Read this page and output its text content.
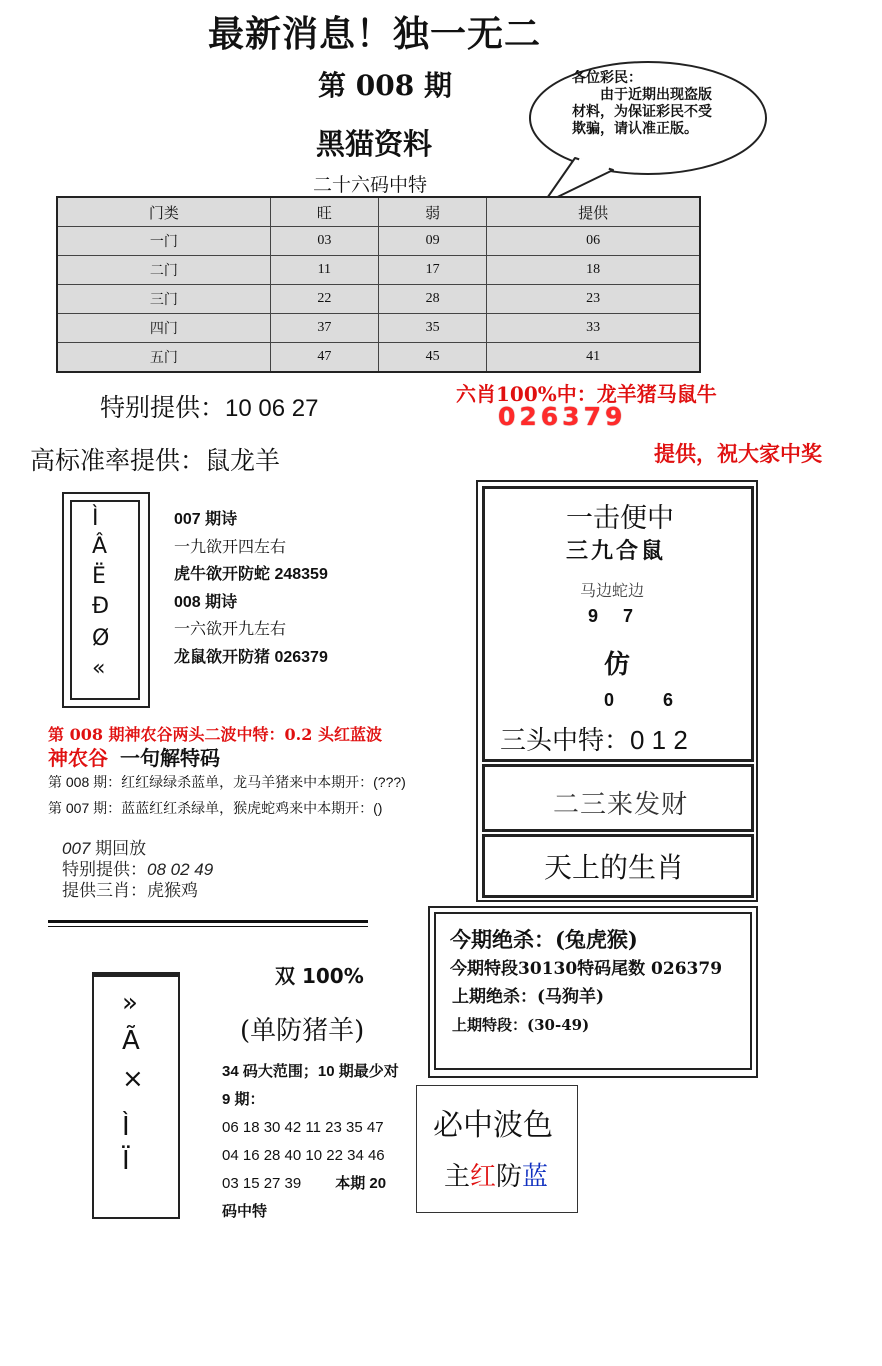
最新消息！独一无二
第 008 期
黑猫资料
二十六码中特
各位彩民：
由于近期出现盗版材料，为保证彩民不受欺骗，请认准正版。
门类	旺	弱	提供
一门	03	09	06
二门	11	17	18
三门	22	28	23
四门	37	35	33
五门	47	45	41
特别提供：10 06 27
高标准率提供：鼠龙羊
六肖100%中：龙羊猪马鼠牛
026379
提供，祝大家中奖
Ì
Â
Ë
Ð
Ø
«
007 期诗
一九欲开四左右
虎牛欲开防蛇 248359
008 期诗
一六欲开九左右
龙鼠欲开防猪 026379
一击便中
三九合鼠
马边蛇边
9 7
仿
0 6
三头中特：0 1 2
二三来发财
天上的生肖
第 008 期神农谷两头二波中特：0.2 头红蓝波
神农谷 一句解特码
第 008 期：红红绿绿杀蓝单，龙马羊猪来中本期开：(???)
第 007 期：蓝蓝红红杀绿单，猴虎蛇鸡来中本期开：()
007 期回放
特别提供：08 02 49
提供三肖：虎猴鸡
今期绝杀：(兔虎猴)
今期特段30130特码尾数 026379
上期绝杀：(马狗羊)
上期特段：(30-49)
»
Ã
×
Ì
Ï
双 100%
(单防猪羊)
34 码大范围；10 期最少对
9 期：
06 18 30 42 11 23 35 47
04 16 28 40 10 22 34 46
03 15 27 39 本期 20
码中特
必中波色
主红防蓝
